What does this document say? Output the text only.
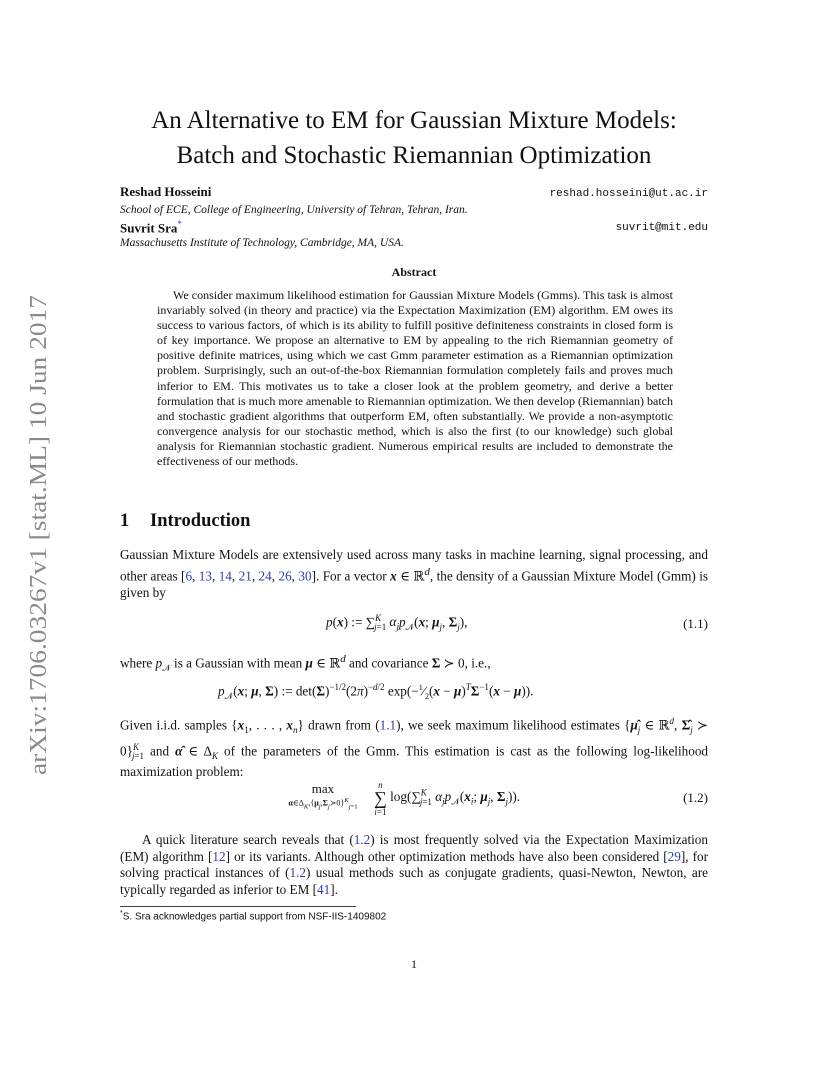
arXiv:1706.03267v1 [stat.ML] 10 Jun 2017
An Alternative to EM for Gaussian Mixture Models:
Batch and Stochastic Riemannian Optimization
Reshad Hosseini	reshad.hosseini@ut.ac.ir
School of ECE, College of Engineering, University of Tehran, Tehran, Iran.
Suvrit Sra*	suvrit@mit.edu
Massachusetts Institute of Technology, Cambridge, MA, USA.
Abstract

We consider maximum likelihood estimation for Gaussian Mixture Models (Gmms). This task is almost invariably solved (in theory and practice) via the Expectation Maximization (EM) algorithm. EM owes its success to various factors, of which is its ability to fulfill positive definiteness constraints in closed form is of key importance. We propose an alternative to EM by appealing to the rich Riemannian geometry of positive definite matrices, using which we cast Gmm parameter estimation as a Riemannian optimization problem. Surprisingly, such an out-of-the-box Riemannian formulation completely fails and proves much inferior to EM. This motivates us to take a closer look at the problem geometry, and derive a better formulation that is much more amenable to Riemannian optimization. We then develop (Riemannian) batch and stochastic gradient algorithms that outperform EM, often substantially. We provide a non-asymptotic convergence analysis for our stochastic method, which is also the first (to our knowledge) such global analysis for Riemannian stochastic gradient. Numerous empirical results are included to demonstrate the effectiveness of our methods.

1 Introduction

Gaussian Mixture Models are extensively used across many tasks in machine learning, signal processing, and other areas [6, 13, 14, 21, 24, 26, 30]. For a vector x ∈ ℝ$^d$, the density of a Gaussian Mixture Model (Gmm) is given by

p(x) := ∑$^K_{j=1}$ $\alpha_jp_𝒩(x$; $\mu_j$, $\Sigma_j$),	(1.1)

where $p_𝒩$ is a Gaussian with mean μ ∈ ℝ$^d$ and covariance Σ ≻ 0, i.e.,

$p_𝒩(x$; μ, Σ) := $\det(\Sigma)^{-1/2}(2\pi)^{-d/2}$ $\exp(-^1⁄_2(x - \mu)^T\Sigma^{-1}(x - \mu))$.

Given i.i.d. samples {$x_1$, . . . , $x_n$} drawn from (1.1), we seek maximum likelihood estimates {$\mû_j$ ∈ ℝ$^d$, $\Sigmâ_j$ ≻ 0}$^K_{j=1}$ and α̂ ∈ $\Delta_K$ of the parameters of the Gmm. This estimation is cast as the following log-likelihood maximization problem:

max
$\alpha\in\Delta_K,\{\mu_j,\Sigma_j≻0\}^K_{j=1}$
n
∑
i=1 log(∑$^K_{j=1}$ $\alpha_jp_𝒩(x_i$; $\mu_j$, $\Sigma_j$)).	(1.2)

A quick literature search reveals that (1.2) is most frequently solved via the Expectation Maximization (EM) algorithm [12] or its variants. Although other optimization methods have also been considered [29], for solving practical instances of (1.2) usual methods such as conjugate gradients, quasi-Newton, Newton, are typically regarded as inferior to EM [41].

*S. Sra acknowledges partial support from NSF-IIS-1409802
1
